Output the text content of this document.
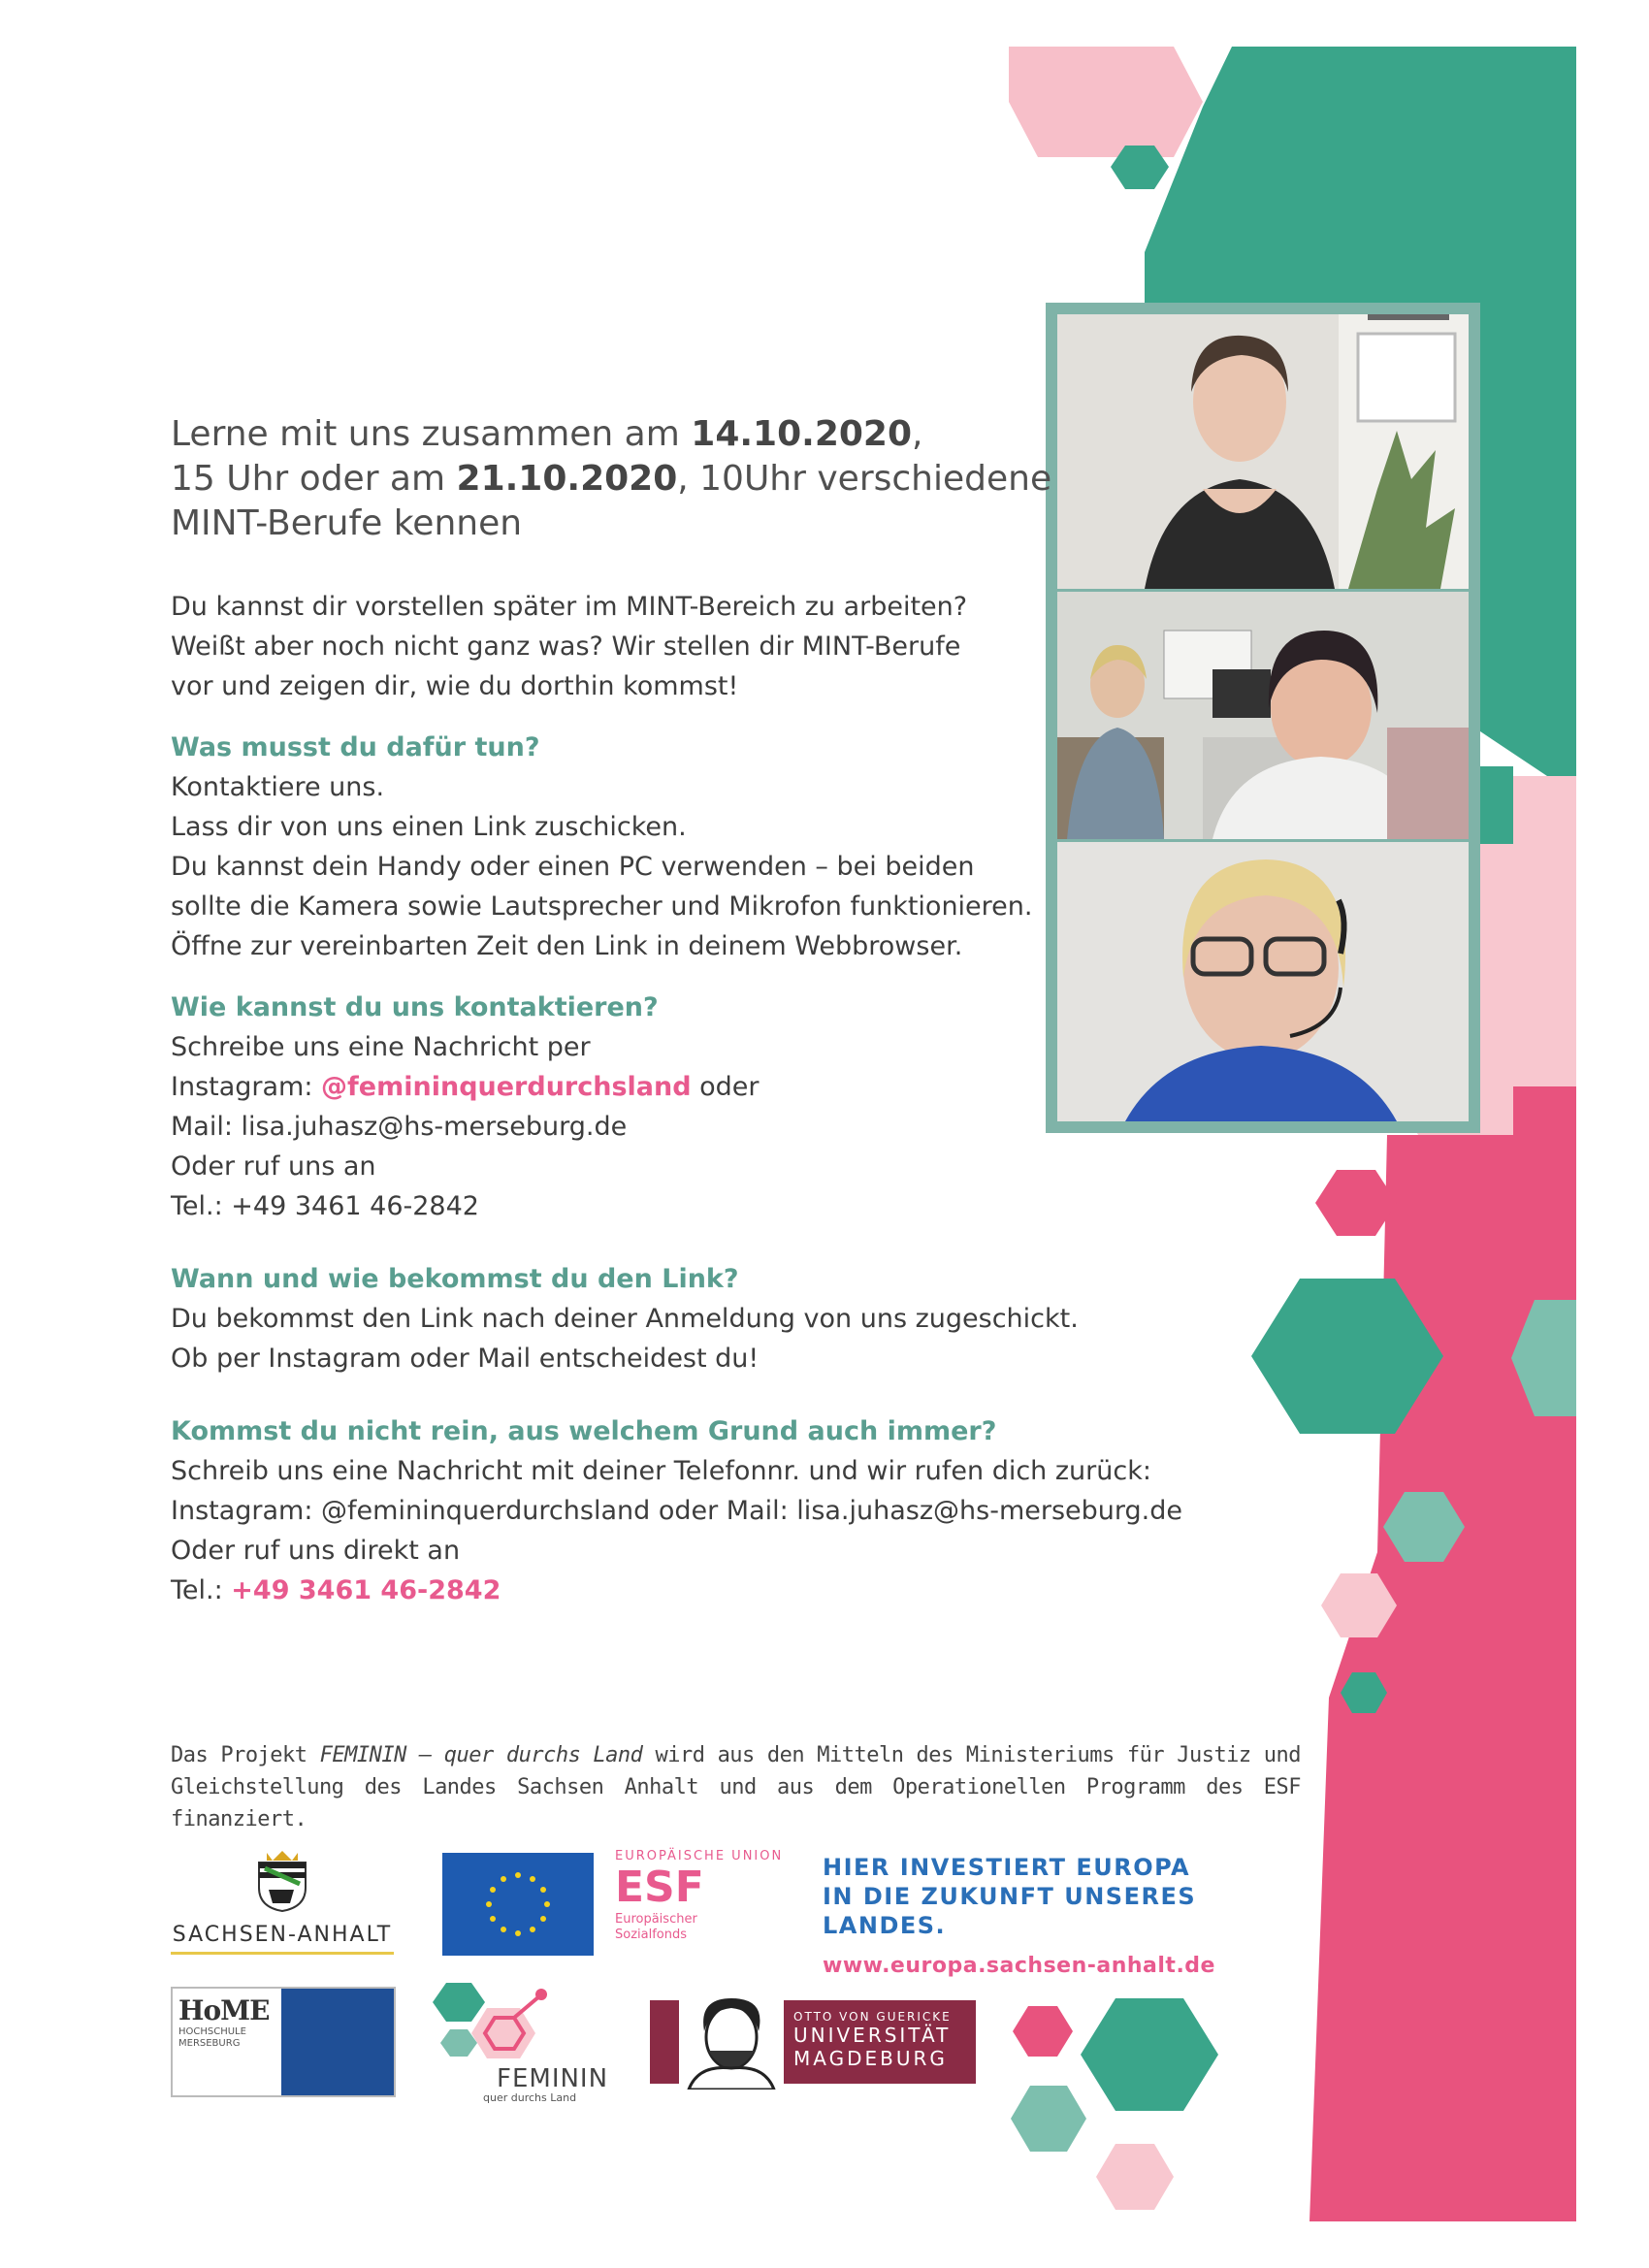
Lerne mit uns zusammen am 14.10.2020,
15 Uhr oder am 21.10.2020, 10Uhr verschiedene
MINT-Berufe kennen
Du kannst dir vorstellen später im MINT-Bereich zu arbeiten?
Weißt aber noch nicht ganz was? Wir stellen dir MINT-Berufe
vor und zeigen dir, wie du dorthin kommst!
Was musst du dafür tun?
Kontaktiere uns.
Lass dir von uns einen Link zuschicken.
Du kannst dein Handy oder einen PC verwenden – bei beiden
sollte die Kamera sowie Lautsprecher und Mikrofon funktionieren.
Öffne zur vereinbarten Zeit den Link in deinem Webbrowser.
Wie kannst du uns kontaktieren?
Schreibe uns eine Nachricht per
Instagram: @femininquerdurchsland oder
Mail: lisa.juhasz@hs-merseburg.de
Oder ruf uns an
Tel.: +49 3461 46-2842
Wann und wie bekommst du den Link?
Du bekommst den Link nach deiner Anmeldung von uns zugeschickt.
Ob per Instagram oder Mail entscheidest du!
Kommst du nicht rein, aus welchem Grund auch immer?
Schreib uns eine Nachricht mit deiner Telefonnr. und wir rufen dich zurück:
Instagram: @femininquerdurchsland oder Mail: lisa.juhasz@hs-merseburg.de
Oder ruf uns direkt an
Tel.: +49 3461 46-2842
Das Projekt FEMININ – quer durchs Land wird aus den Mitteln des Ministeriums für Justiz und Gleichstellung des Landes Sachsen Anhalt und aus dem Operationellen Programm des ESF finanziert.
SACHSEN-ANHALT
EUROPÄISCHE UNION
ESF
Europäischer
Sozialfonds
HIER INVESTIERT EUROPA
IN DIE ZUKUNFT UNSERES LANDES.
www.europa.sachsen-anhalt.de
HoME
HOCHSCHULE
MERSEBURG
FEMININ
quer durchs Land
OTTO VON GUERICKE
UNIVERSITÄT
MAGDEBURG
